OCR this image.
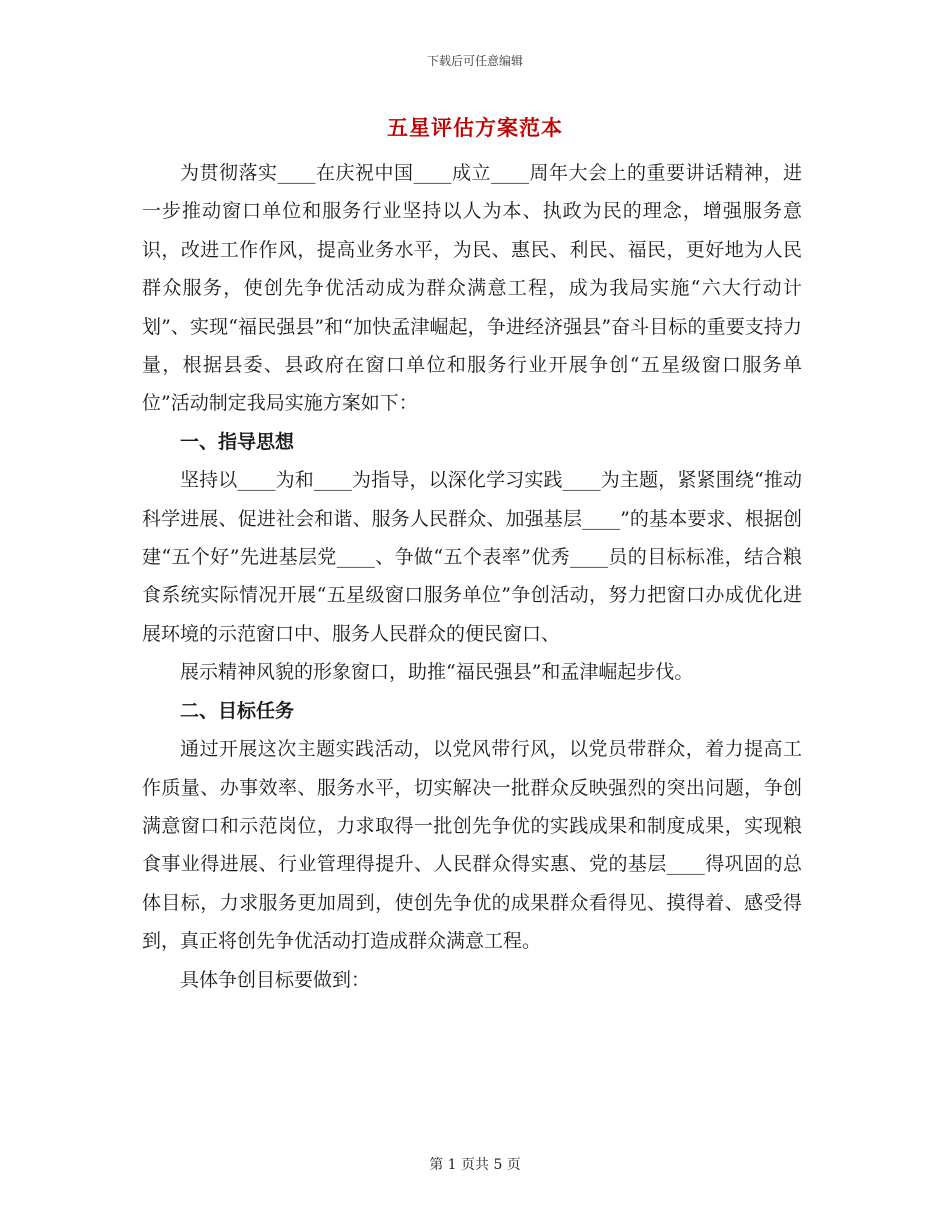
下载后可任意编辑
五星评估方案范本

为贯彻落实____在庆祝中国____成立____周年大会上的重要讲话精神，进一步推动窗口单位和服务行业坚持以人为本、执政为民的理念，增强服务意识，改进工作作风，提高业务水平，为民、惠民、利民、福民，更好地为人民群众服务，使创先争优活动成为群众满意工程，成为我局实施“六大行动计划”、实现“福民强县”和“加快孟津崛起，争进经济强县”奋斗目标的重要支持力量，根据县委、县政府在窗口单位和服务行业开展争创“五星级窗口服务单位”活动制定我局实施方案如下：

一、指导思想

坚持以____为和____为指导，以深化学习实践____为主题，紧紧围绕“推动科学进展、促进社会和谐、服务人民群众、加强基层____”的基本要求、根据创建“五个好”先进基层党____、争做“五个表率”优秀____员的目标标准，结合粮食系统实际情况开展“五星级窗口服务单位”争创活动，努力把窗口办成优化进展环境的示范窗口中、服务人民群众的便民窗口、

展示精神风貌的形象窗口，助推“福民强县”和孟津崛起步伐。

二、目标任务

通过开展这次主题实践活动，以党风带行风，以党员带群众，着力提高工作质量、办事效率、服务水平，切实解决一批群众反映强烈的突出问题，争创满意窗口和示范岗位，力求取得一批创先争优的实践成果和制度成果，实现粮食事业得进展、行业管理得提升、人民群众得实惠、党的基层____得巩固的总体目标，力求服务更加周到，使创先争优的成果群众看得见、摸得着、感受得到，真正将创先争优活动打造成群众满意工程。

具体争创目标要做到：

第 1 页共 5 页
